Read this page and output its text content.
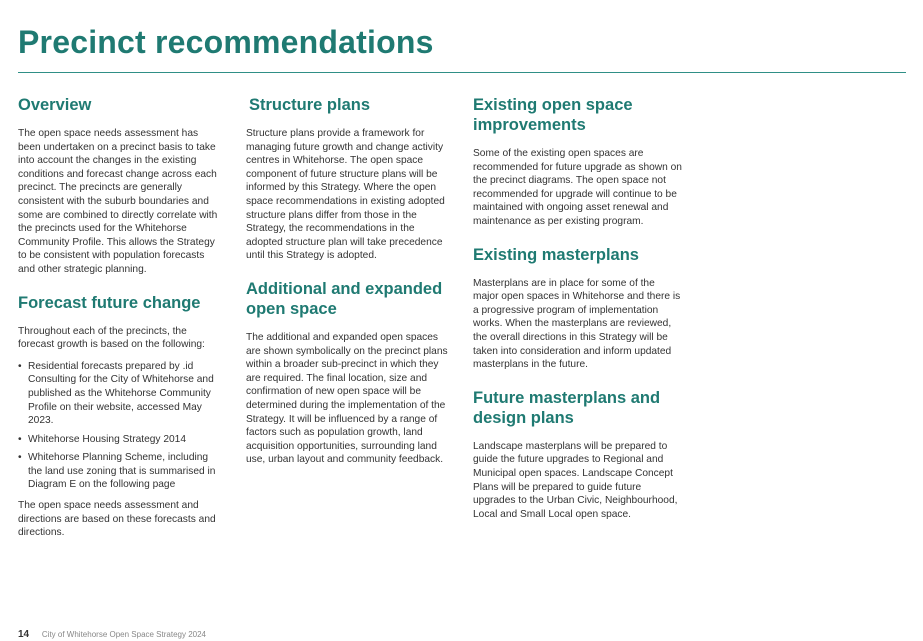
Precinct recommendations
Overview

The open space needs assessment has been undertaken on a precinct basis to take into account the changes in the existing conditions and forecast change across each precinct. The precincts are generally consistent with the suburb boundaries and some are combined to directly correlate with the precincts used for the Whitehorse Community Profile. This allows the Strategy to be consistent with population forecasts and other strategic planning.

Forecast future change

Throughout each of the precincts, the forecast growth is based on the following:

• Residential forecasts prepared by .id Consulting for the City of Whitehorse and published as the Whitehorse Community Profile on their website, accessed May 2023.
• Whitehorse Housing Strategy 2014
• Whitehorse Planning Scheme, including the land use zoning that is summarised in Diagram E on the following page

The open space needs assessment and directions are based on these forecasts and directions.

Structure plans

Structure plans provide a framework for managing future growth and change activity centres in Whitehorse. The open space component of future structure plans will be informed by this Strategy. Where the open space recommendations in existing adopted structure plans differ from those in the Strategy, the recommendations in the adopted structure plan will take precedence until this Strategy is adopted.

Additional and expanded open space

The additional and expanded open spaces are shown symbolically on the precinct plans within a broader sub-precinct in which they are required. The final location, size and confirmation of new open space will be determined during the implementation of the Strategy. It will be influenced by a range of factors such as population growth, land acquisition opportunities, surrounding land use, urban layout and community feedback.

Existing open space improvements

Some of the existing open spaces are recommended for future upgrade as shown on the precinct diagrams. The open space not recommended for upgrade will continue to be maintained with ongoing asset renewal and maintenance as per existing program.

Existing masterplans

Masterplans are in place for some of the major open spaces in Whitehorse and there is a progressive program of implementation works. When the masterplans are reviewed, the overall directions in this Strategy will be taken into consideration and inform updated masterplans in the future.

Future masterplans and design plans

Landscape masterplans will be prepared to guide the future upgrades to Regional and Municipal open spaces. Landscape Concept Plans will be prepared to guide future upgrades to the Urban Civic, Neighbourhood, Local and Small Local open space.

14 City of Whitehorse Open Space Strategy 2024
